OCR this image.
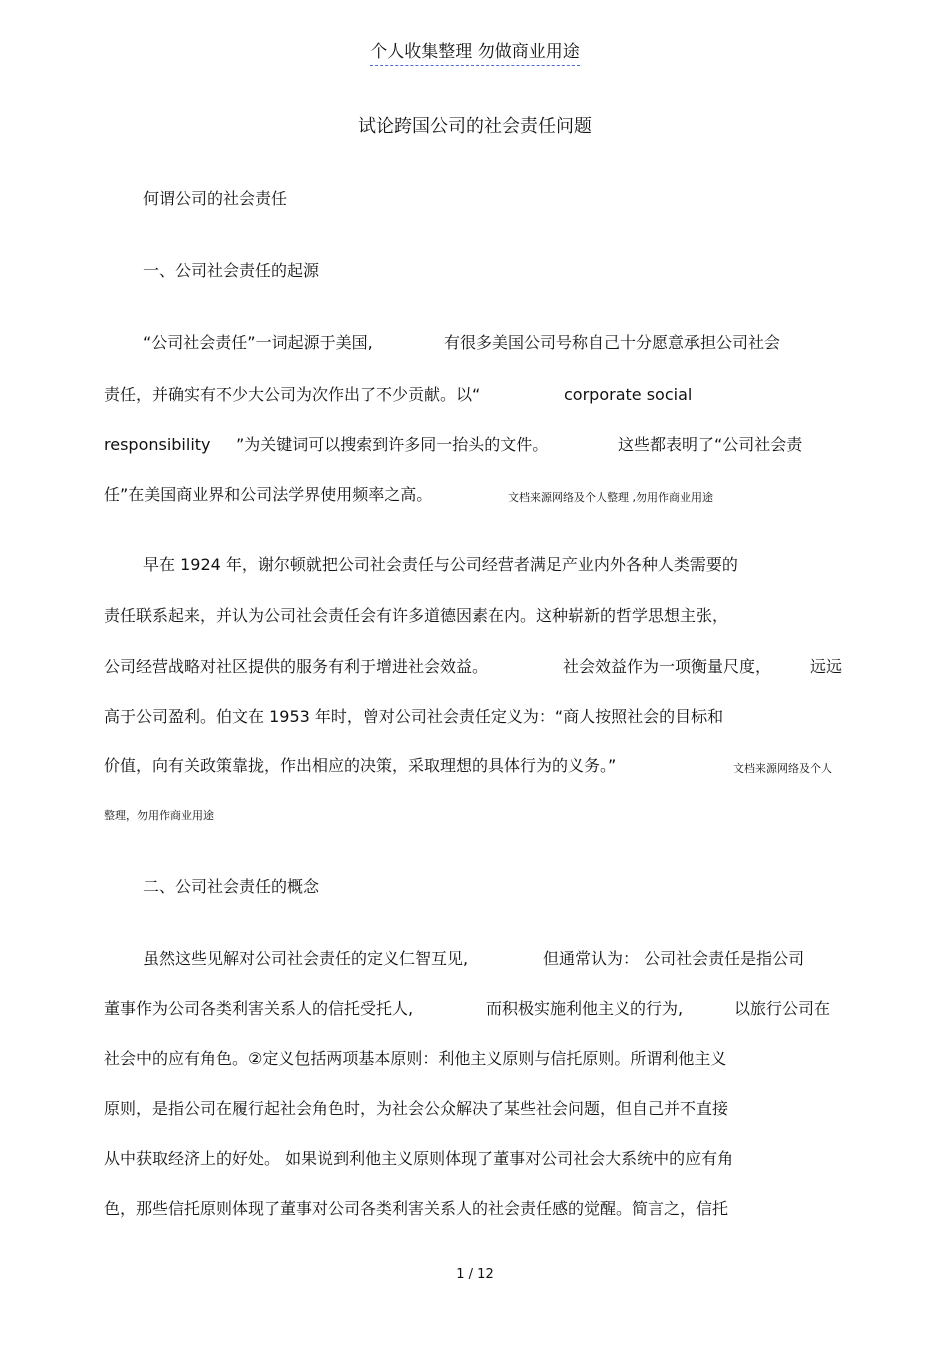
个人收集整理 勿做商业用途
试论跨国公司的社会责任问题
何谓公司的社会责任
一、公司社会责任的起源
“公司社会责任”一词起源于美国,	有很多美国公司号称自己十分愿意承担公司社会
责任，并确实有不少大公司为次作出了不少贡献。以“	corporate social
responsibility ”为关键词可以搜索到许多同一抬头的文件。	这些都表明了“公司社会责
任”在美国商业界和公司法学界使用频率之高。	文档来源网络及个人整理 ,勿用作商业用途
早在 1924 年，谢尔顿就把公司社会责任与公司经营者满足产业内外各种人类需要的
责任联系起来，并认为公司社会责任会有许多道德因素在内。这种崭新的哲学思想主张，
公司经营战略对社区提供的服务有利于增进社会效益。	社会效益作为一项衡量尺度， 远远
高于公司盈利。伯文在 1953 年时，曾对公司社会责任定义为：“商人按照社会的目标和
价值，向有关政策靠拢，作出相应的决策，采取理想的具体行为的义务。”	文档来源网络及个人
整理，勿用作商业用途
二、公司社会责任的概念
虽然这些见解对公司社会责任的定义仁智互见,	但通常认为： 公司社会责任是指公司
董事作为公司各类利害关系人的信托受托人,	而积极实施利他主义的行为,	以旅行公司在
社会中的应有角色。②定义包括两项基本原则：利他主义原则与信托原则。所谓利他主义
原则，是指公司在履行起社会角色时，为社会公众解决了某些社会问题，但自己并不直接
从中获取经济上的好处。 如果说到利他主义原则体现了董事对公司社会大系统中的应有角
色，那些信托原则体现了董事对公司各类利害关系人的社会责任感的觉醒。简言之，信托
1 / 12
